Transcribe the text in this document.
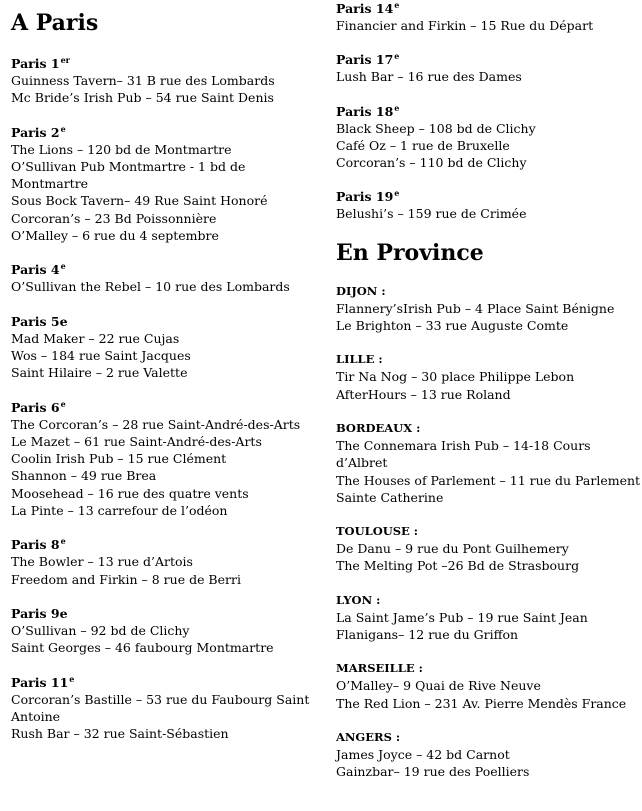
A Paris

Paris 1er

Guinness Tavern– 31 B rue des Lombards

Mc Bride’s Irish Pub – 54 rue Saint Denis

Paris 2e

The Lions – 120 bd de Montmartre

O’Sullivan Pub Montmartre - 1 bd de Montmartre

Sous Bock Tavern– 49 Rue Saint Honoré

Corcoran’s – 23 Bd Poissonnière

O’Malley – 6 rue du 4 septembre

Paris 4e

O’Sullivan the Rebel – 10 rue des Lombards

Paris 5e

Mad Maker – 22 rue Cujas

Wos – 184 rue Saint Jacques

Saint Hilaire – 2 rue Valette

Paris 6e

The Corcoran’s – 28 rue Saint-André-des-Arts

Le Mazet – 61 rue Saint-André-des-Arts

Coolin Irish Pub – 15 rue Clément

Shannon – 49 rue Brea

Moosehead – 16 rue des quatre vents

La Pinte – 13 carrefour de l’odéon

Paris 8e

The Bowler – 13 rue d’Artois

Freedom and Firkin – 8 rue de Berri

Paris 9e

O’Sullivan – 92 bd de Clichy

Saint Georges – 46 faubourg Montmartre

Paris 11e

Corcoran’s Bastille – 53 rue du Faubourg Saint Antoine

Rush Bar – 32 rue Saint-Sébastien

Paris 14e

Financier and Firkin – 15 Rue du Départ

Paris 17e

Lush Bar – 16 rue des Dames

Paris 18e

Black Sheep – 108 bd de Clichy

Café Oz – 1 rue de Bruxelle

Corcoran’s – 110 bd de Clichy

Paris 19e

Belushi’s – 159 rue de Crimée

En Province

DIJON :

Flannery’sIrish Pub – 4 Place Saint Bénigne

Le Brighton – 33 rue Auguste Comte

LILLE :

Tir Na Nog – 30 place Philippe Lebon

AfterHours – 13 rue Roland

BORDEAUX :

The Connemara Irish Pub – 14-18 Cours d’Albret

The Houses of Parlement – 11 rue du Parlement

Sainte Catherine

TOULOUSE :

De Danu – 9 rue du Pont Guilhemery

The Melting Pot –26 Bd de Strasbourg

LYON :

La Saint Jame’s Pub – 19 rue Saint Jean

Flanigans– 12 rue du Griffon

MARSEILLE :

O’Malley– 9 Quai de Rive Neuve

The Red Lion – 231 Av. Pierre Mendès France

ANGERS :

James Joyce – 42 bd Carnot

Gainzbar– 19 rue des Poelliers
